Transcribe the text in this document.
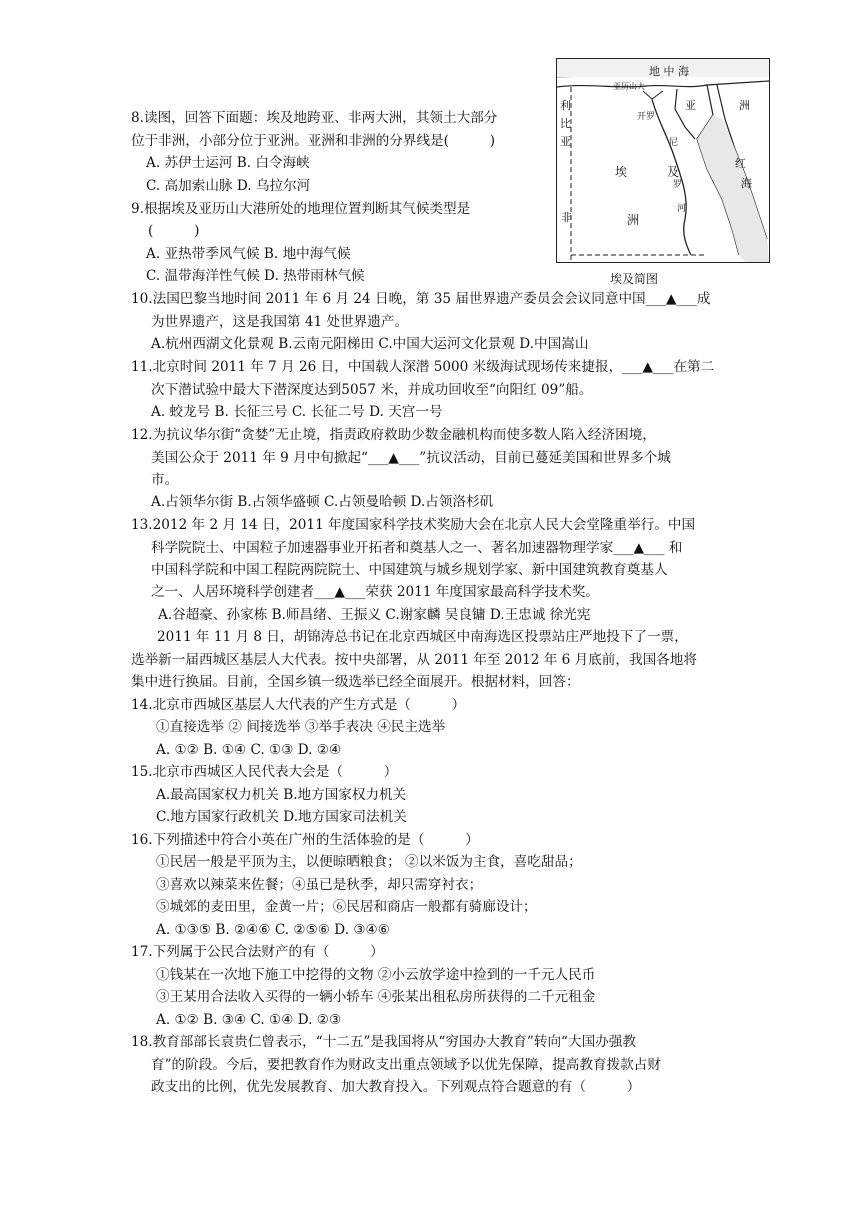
地 中 海
亚历山大
利
比
亚
开罗
亚	洲
红
海
埃	及
非	洲
尼
罗
河
埃及简图
8.读图，回答下面题：埃及地跨亚、非两大洲，其领土大部分
位于非洲，小部分位于亚洲。亚洲和非洲的分界线是(　　　)
A. 苏伊士运河 B. 白令海峡
C. 高加索山脉 D. 乌拉尔河
9.根据埃及亚历山大港所处的地理位置判断其气候类型是
(　　　)
A. 亚热带季风气候 B. 地中海气候
C. 温带海洋性气候 D. 热带雨林气候
10.法国巴黎当地时间 2011 年 6 月 24 日晚，第 35 届世界遗产委员会会议同意中国___▲___成
为世界遗产，这是我国第 41 处世界遗产。
A.杭州西湖文化景观 B.云南元阳梯田 C.中国大运河文化景观 D.中国嵩山
11.北京时间 2011 年 7 月 26 日，中国载人深潜 5000 米级海试现场传来捷报，___▲___在第二
次下潜试验中最大下潜深度达到5057 米，并成功回收至“向阳红 09”船。
A. 蛟龙号 B. 长征三号 C. 长征二号 D. 天宫一号
12.为抗议华尔街“贪婪”无止境，指责政府救助少数金融机构而使多数人陷入经济困境，
美国公众于 2011 年 9 月中旬掀起“___▲___”抗议活动，目前已蔓延美国和世界多个城
市。
A.占领华尔街 B.占领华盛顿 C.占领曼哈顿 D.占领洛杉矶
13.2012 年 2 月 14 日，2011 年度国家科学技术奖励大会在北京人民大会堂隆重举行。中国
科学院院士、中国粒子加速器事业开拓者和奠基人之一、著名加速器物理学家___▲___ 和
中国科学院和中国工程院两院院士、中国建筑与城乡规划学家、新中国建筑教育奠基人
之一、人居环境科学创建者___▲___荣获 2011 年度国家最高科学技术奖。
A.谷超豪、孙家栋 B.师昌绪、王振义 C.谢家麟 吴良镛 D.王忠诚 徐光宪
2011 年 11 月 8 日，胡锦涛总书记在北京西城区中南海选区投票站庄严地投下了一票，
选举新一届西城区基层人大代表。按中央部署，从 2011 年至 2012 年 6 月底前，我国各地将
集中进行换届。目前，全国乡镇一级选举已经全面展开。根据材料，回答：
14.北京市西城区基层人大代表的产生方式是（　　　）
①直接选举 ② 间接选举 ③举手表决 ④民主选举
A. ①② B. ①④ C. ①③ D. ②④
15.北京市西城区人民代表大会是（　　　）
A.最高国家权力机关 B.地方国家权力机关
C.地方国家行政机关 D.地方国家司法机关
16.下列描述中符合小英在广州的生活体验的是（　　　）
①民居一般是平顶为主，以便晾晒粮食； ②以米饭为主食，喜吃甜品；
③喜欢以辣菜来佐餐；④虽已是秋季，却只需穿衬衣；
⑤城郊的麦田里，金黄一片；⑥民居和商店一般都有骑廊设计；
A. ①③⑤ B. ②④⑥ C. ②⑤⑥ D. ③④⑥
17.下列属于公民合法财产的有（　　　）
①钱某在一次地下施工中挖得的文物 ②小云放学途中捡到的一千元人民币
③王某用合法收入买得的一辆小轿车 ④张某出租私房所获得的二千元租金
A. ①② B. ③④ C. ①④ D. ②③
18.教育部部长袁贵仁曾表示，“十二五”是我国将从“穷国办大教育”转向“大国办强教
育”的阶段。今后，要把教育作为财政支出重点领域予以优先保障，提高教育拨款占财
政支出的比例，优先发展教育、加大教育投入。下列观点符合题意的有（　　　）
